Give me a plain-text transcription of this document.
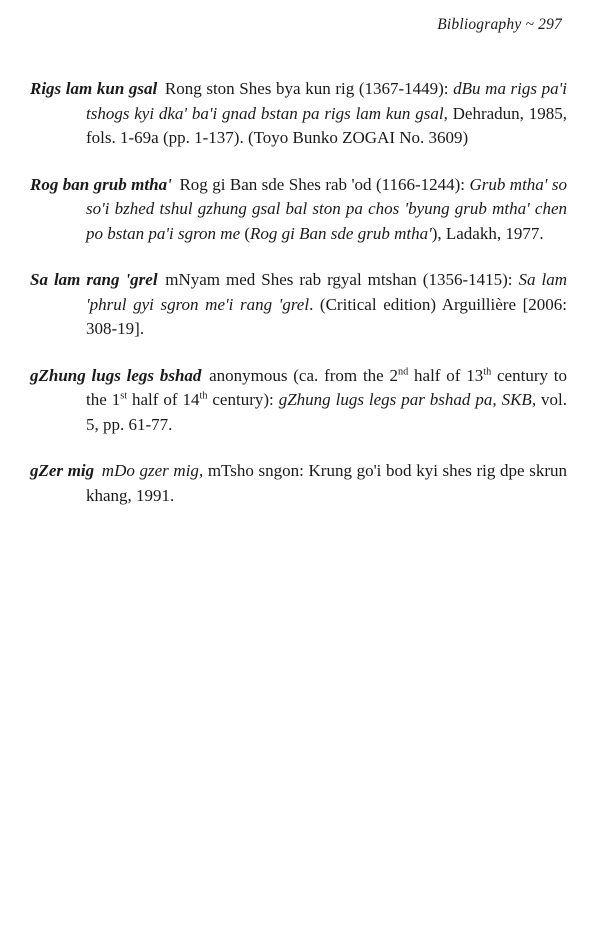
Bibliography ~ 297

Rigs lam kun gsal Rong ston Shes bya kun rig (1367-1449): dBu ma rigs pa'i tshogs kyi dka' ba'i gnad bstan pa rigs lam kun gsal, Dehradun, 1985, fols. 1-69a (pp. 1-137). (Toyo Bunko ZOGAI No. 3609)

Rog ban grub mtha' Rog gi Ban sde Shes rab 'od (1166-1244): Grub mtha' so so'i bzhed tshul gzhung gsal bal ston pa chos 'byung grub mtha' chen po bstan pa'i sgron me (Rog gi Ban sde grub mtha'), Ladakh, 1977.

Sa lam rang 'grel mNyam med Shes rab rgyal mtshan (1356-1415): Sa lam 'phrul gyi sgron me'i rang 'grel. (Critical edition) Arguillière [2006: 308-19].

gZhung lugs legs bshad anonymous (ca. from the 2nd half of 13th century to the 1st half of 14th century): gZhung lugs legs par bshad pa, SKB, vol. 5, pp. 61-77.

gZer mig mDo gzer mig, mTsho sngon: Krung go'i bod kyi shes rig dpe skrun khang, 1991.
